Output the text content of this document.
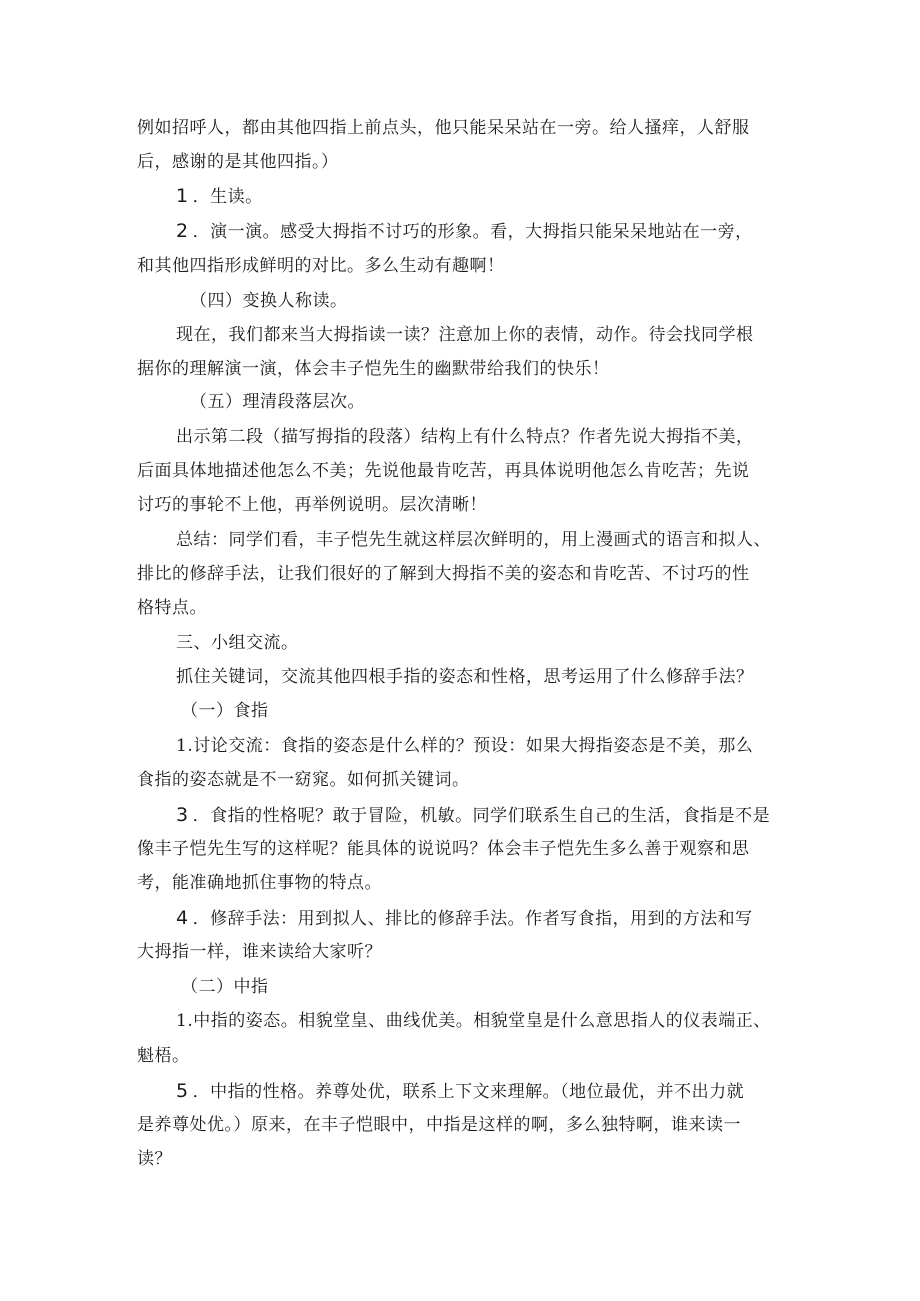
例如招呼人，都由其他四指上前点头，他只能呆呆站在一旁。给人搔痒，人舒服
后，感谢的是其他四指。）
1 ．生读。
2 ．演一演。感受大拇指不讨巧的形象。看，大拇指只能呆呆地站在一旁，
和其他四指形成鲜明的对比。多么生动有趣啊！
（四）变换人称读。
现在，我们都来当大拇指读一读？注意加上你的表情，动作。待会找同学根
据你的理解演一演，体会丰子恺先生的幽默带给我们的快乐！
（五）理清段落层次。
出示第二段（描写拇指的段落）结构上有什么特点？作者先说大拇指不美，
后面具体地描述他怎么不美；先说他最肯吃苦，再具体说明他怎么肯吃苦；先说
讨巧的事轮不上他，再举例说明。层次清晰！
总结：同学们看，丰子恺先生就这样层次鲜明的，用上漫画式的语言和拟人、
排比的修辞手法，让我们很好的了解到大拇指不美的姿态和肯吃苦、不讨巧的性
格特点。
三、小组交流。
抓住关键词，交流其他四根手指的姿态和性格，思考运用了什么修辞手法？
（一）食指
1.讨论交流：食指的姿态是什么样的？预设：如果大拇指姿态是不美，那么
食指的姿态就是不一窈窕。如何抓关键词。
3 ．食指的性格呢？敢于冒险，机敏。同学们联系生自己的生活，食指是不是
像丰子恺先生写的这样呢？能具体的说说吗？体会丰子恺先生多么善于观察和思
考，能准确地抓住事物的特点。
4 ．修辞手法：用到拟人、排比的修辞手法。作者写食指，用到的方法和写
大拇指一样，谁来读给大家听？
（二）中指
1.中指的姿态。相貌堂皇、曲线优美。相貌堂皇是什么意思指人的仪表端正、
魁梧。
5 ．中指的性格。养尊处优，联系上下文来理解。（地位最优，并不出力就
是养尊处优。）原来，在丰子恺眼中，中指是这样的啊，多么独特啊，谁来读一
读？
